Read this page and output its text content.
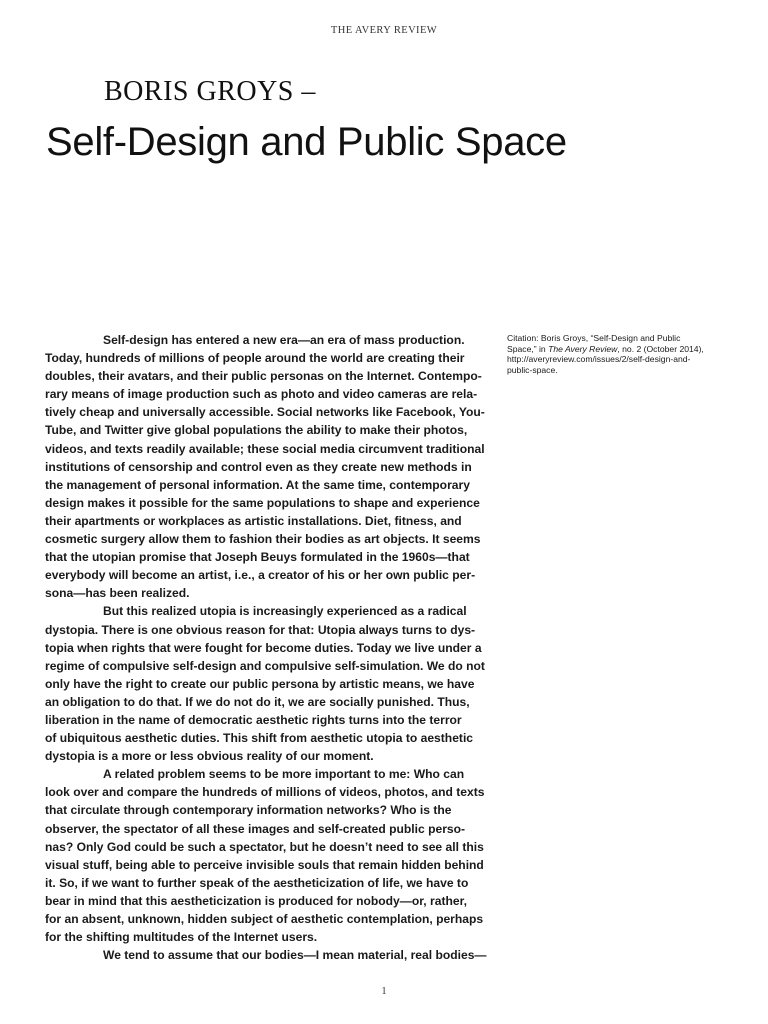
THE AVERY REVIEW
BORIS GROYS –
Self-Design and Public Space
Self-design has entered a new era—an era of mass production.
Today, hundreds of millions of people around the world are creating their
doubles, their avatars, and their public personas on the Internet. Contempo-
rary means of image production such as photo and video cameras are rela-
tively cheap and universally accessible. Social networks like Facebook, You-
Tube, and Twitter give global populations the ability to make their photos,
videos, and texts readily available; these social media circumvent traditional
institutions of censorship and control even as they create new methods in
the management of personal information. At the same time, contemporary
design makes it possible for the same populations to shape and experience
their apartments or workplaces as artistic installations. Diet, fitness, and
cosmetic surgery allow them to fashion their bodies as art objects. It seems
that the utopian promise that Joseph Beuys formulated in the 1960s—that
everybody will become an artist, i.e., a creator of his or her own public per-
sona—has been realized.
But this realized utopia is increasingly experienced as a radical
dystopia. There is one obvious reason for that: Utopia always turns to dys-
topia when rights that were fought for become duties. Today we live under a
regime of compulsive self-design and compulsive self-simulation. We do not
only have the right to create our public persona by artistic means, we have
an obligation to do that. If we do not do it, we are socially punished. Thus,
liberation in the name of democratic aesthetic rights turns into the terror
of ubiquitous aesthetic duties. This shift from aesthetic utopia to aesthetic
dystopia is a more or less obvious reality of our moment.
A related problem seems to be more important to me: Who can
look over and compare the hundreds of millions of videos, photos, and texts
that circulate through contemporary information networks? Who is the
observer, the spectator of all these images and self-created public perso-
nas? Only God could be such a spectator, but he doesn’t need to see all this
visual stuff, being able to perceive invisible souls that remain hidden behind
it. So, if we want to further speak of the aestheticization of life, we have to
bear in mind that this aestheticization is produced for nobody—or, rather,
for an absent, unknown, hidden subject of aesthetic contemplation, perhaps
for the shifting multitudes of the Internet users.
We tend to assume that our bodies—I mean material, real bodies—
Citation: Boris Groys, “Self-Design and Public
Space,” in The Avery Review, no. 2 (October 2014),
http://averyreview.com/issues/2/self-design-and-
public-space.
1
